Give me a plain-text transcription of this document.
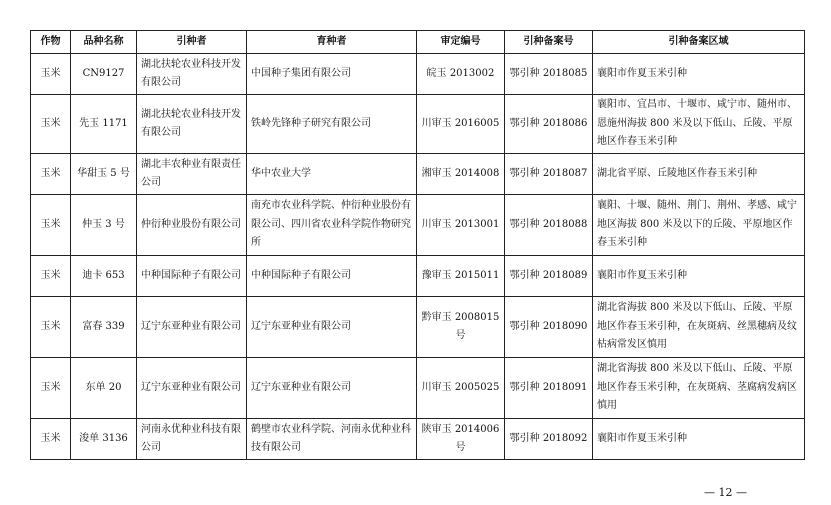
作物	品种名称	引种者	育种者	审定编号	引种备案号	引种备案区域
玉米	CN9127	湖北扶轮农业科技开发有限公司	中国种子集团有限公司	皖玉 2013002	鄂引种 2018085	襄阳市作夏玉米引种
玉米	先玉 1171	湖北扶轮农业科技开发有限公司	铁岭先锋种子研究有限公司	川审玉 2016005	鄂引种 2018086	襄阳市、宜昌市、十堰市、咸宁市、随州市、恩施州海拔 800 米及以下低山、丘陵、平原地区作春玉米引种
玉米	华甜玉 5 号	湖北丰农种业有限责任公司	华中农业大学	湘审玉 2014008	鄂引种 2018087	湖北省平原、丘陵地区作春玉米引种
玉米	仲玉 3 号	仲衍种业股份有限公司	南充市农业科学院、仲衍种业股份有限公司、四川省农业科学院作物研究所	川审玉 2013001	鄂引种 2018088	襄阳、十堰、随州、荆门、荆州、孝感、咸宁地区海拔 800 米及以下的丘陵、平原地区作春玉米引种
玉米	迪卡 653	中种国际种子有限公司	中种国际种子有限公司	豫审玉 2015011	鄂引种 2018089	襄阳市作夏玉米引种
玉米	富春 339	辽宁东亚种业有限公司	辽宁东亚种业有限公司	黔审玉 2008015 号	鄂引种 2018090	湖北省海拔 800 米及以下低山、丘陵、平原地区作春玉米引种，在灰斑病、丝黑穗病及纹枯病常发区慎用
玉米	东单 20	辽宁东亚种业有限公司	辽宁东亚种业有限公司	川审玉 2005025	鄂引种 2018091	湖北省海拔 800 米及以下低山、丘陵、平原地区作春玉米引种，在灰斑病、茎腐病发病区慎用
玉米	浚单 3136	河南永优种业科技有限公司	鹤壁市农业科学院、河南永优种业科技有限公司	陕审玉 2014006 号	鄂引种 2018092	襄阳市作夏玉米引种
— 12 —
